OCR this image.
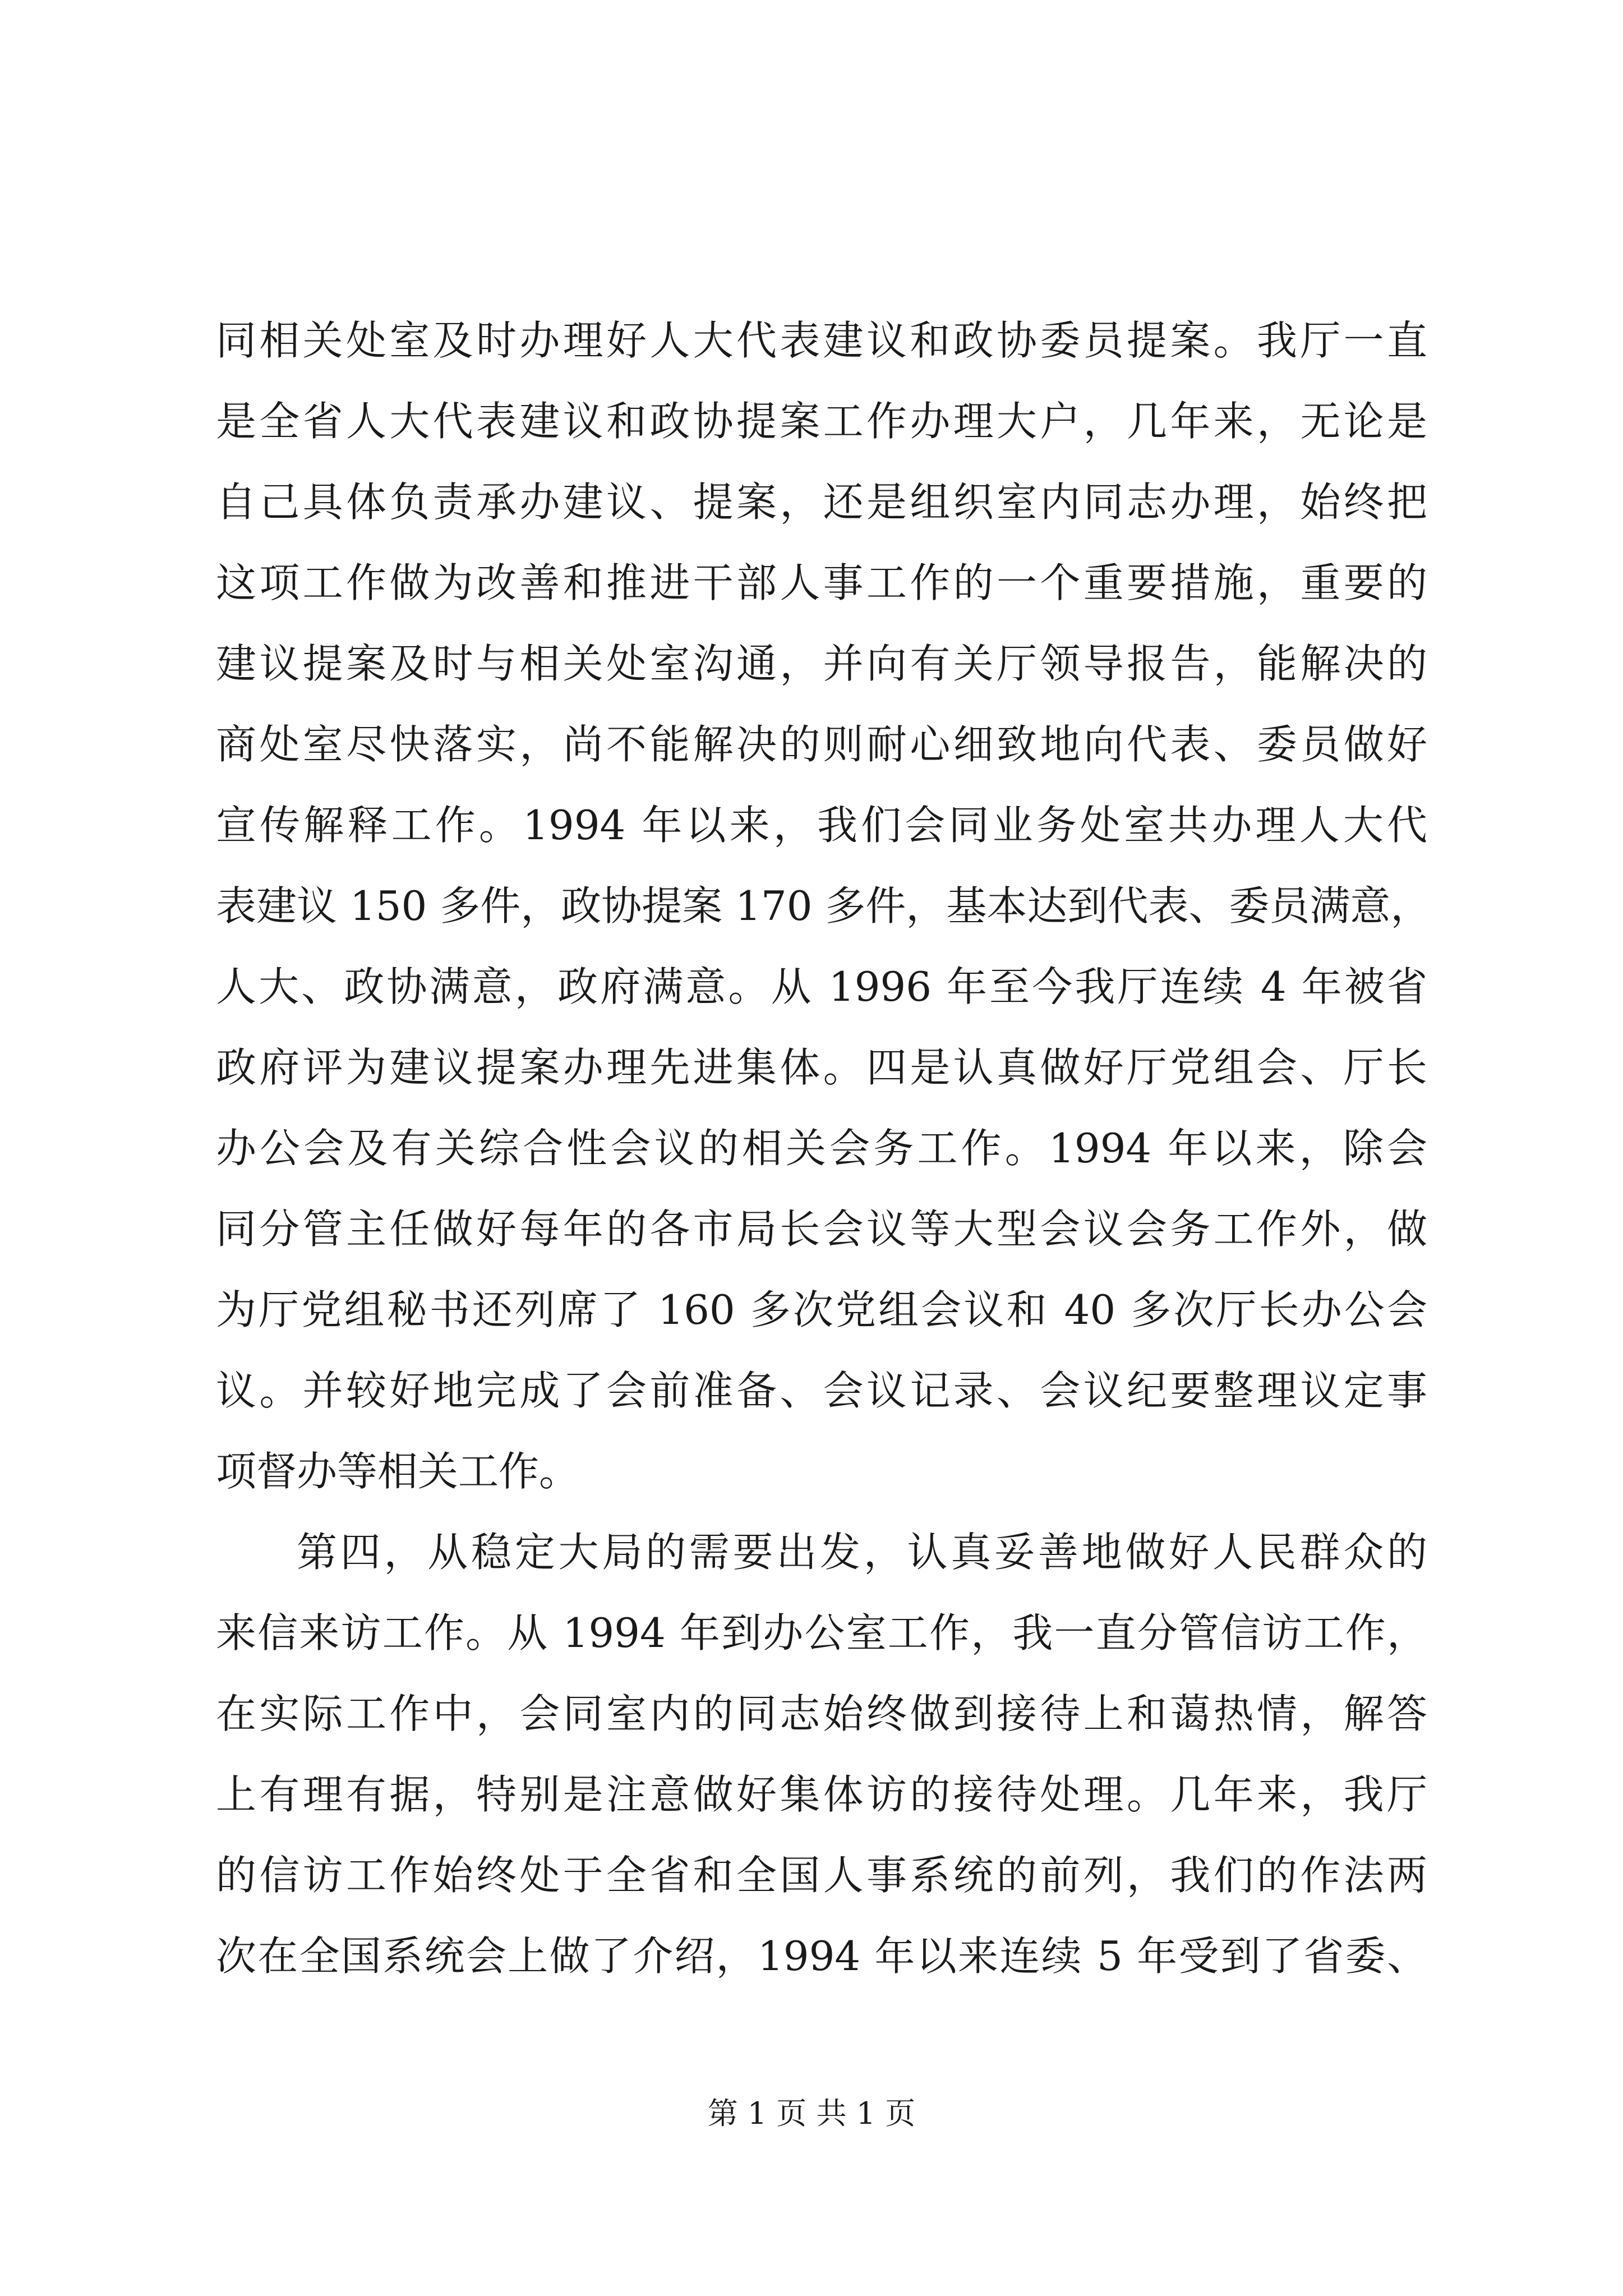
同相关处室及时办理好人大代表建议和政协委员提案。我厅一直
是全省人大代表建议和政协提案工作办理大户，几年来，无论是
自己具体负责承办建议、提案，还是组织室内同志办理，始终把
这项工作做为改善和推进干部人事工作的一个重要措施，重要的
建议提案及时与相关处室沟通，并向有关厅领导报告，能解决的
商处室尽快落实，尚不能解决的则耐心细致地向代表、委员做好
宣传解释工作。1994 年以来，我们会同业务处室共办理人大代
表建议 150 多件，政协提案 170 多件，基本达到代表、委员满意，
人大、政协满意，政府满意。从 1996 年至今我厅连续 4 年被省
政府评为建议提案办理先进集体。四是认真做好厅党组会、厅长
办公会及有关综合性会议的相关会务工作。1994 年以来，除会
同分管主任做好每年的各市局长会议等大型会议会务工作外，做
为厅党组秘书还列席了 160 多次党组会议和 40 多次厅长办公会
议。并较好地完成了会前准备、会议记录、会议纪要整理议定事
项督办等相关工作。
第四，从稳定大局的需要出发，认真妥善地做好人民群众的
来信来访工作。从 1994 年到办公室工作，我一直分管信访工作，
在实际工作中，会同室内的同志始终做到接待上和蔼热情，解答
上有理有据，特别是注意做好集体访的接待处理。几年来，我厅
的信访工作始终处于全省和全国人事系统的前列，我们的作法两
次在全国系统会上做了介绍，1994 年以来连续 5 年受到了省委、
第 1 页 共 1 页
